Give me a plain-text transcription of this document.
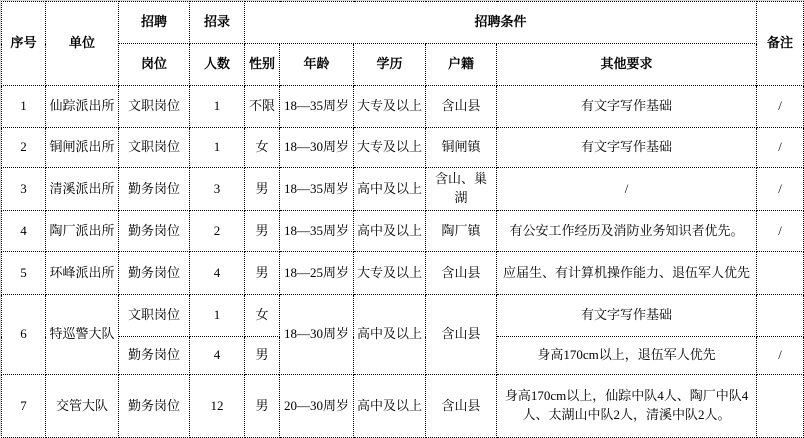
序号	单位	招聘	招录	招聘条件					备注
		岗位	人数	性别	年龄	学历	户籍	其他要求	
1	仙踪派出所	文职岗位	1	不限	18—35周岁	大专及以上	含山县	有文字写作基础	/
2	铜闸派出所	文职岗位	1	女	18—30周岁	大专及以上	铜闸镇	有文字写作基础	/
3	清溪派出所	勤务岗位	3	男	18—35周岁	高中及以上	含山、巢湖	/	/
4	陶厂派出所	勤务岗位	2	男	18—35周岁	高中及以上	陶厂镇	有公安工作经历及消防业务知识者优先。	/
5	环峰派出所	勤务岗位	4	男	18—25周岁	大专及以上	含山县	应届生、有计算机操作能力、退伍军人优先	
6	特巡警大队	文职岗位	1	女	18—30周岁	高中及以上	含山县	有文字写作基础	
		勤务岗位	4	男				身高170cm以上，退伍军人优先	/
7	交管大队	勤务岗位	12	男	20—30周岁	高中及以上	含山县	身高170cm以上，仙踪中队4人、陶厂中队4人、太湖山中队2人，清溪中队2人。	
